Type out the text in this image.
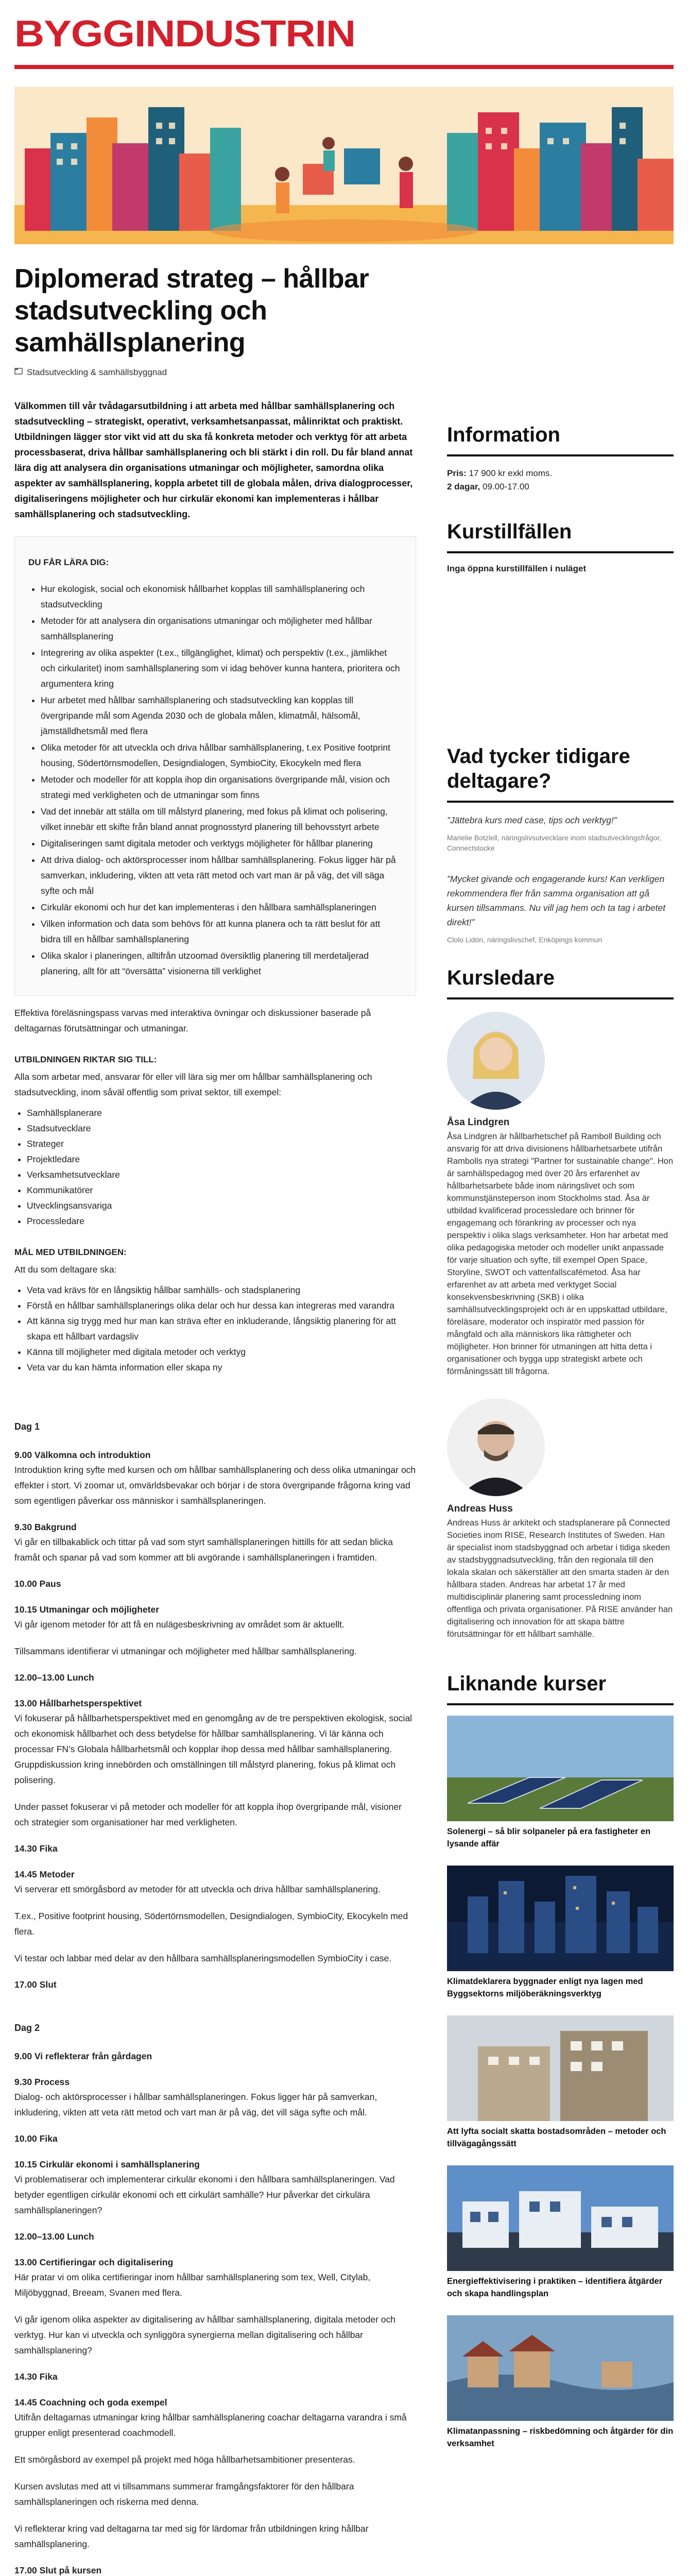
BYGGINDUSTRIN
Diplomerad strateg – hållbar stadsutveckling och samhällsplanering
Stadsutveckling & samhällsbyggnad

Välkommen till vår tvådagarsutbildning i att arbeta med hållbar samhällsplanering och stadsutveckling – strategiskt, operativt, verksamhetsanpassat, målinriktat och praktiskt. Utbildningen lägger stor vikt vid att du ska få konkreta metoder och verktyg för att arbeta processbaserat, driva hållbar samhällsplanering och bli stärkt i din roll. Du får bland annat lära dig att analysera din organisations utmaningar och möjligheter, samordna olika aspekter av samhällsplanering, koppla arbetet till de globala målen, driva dialogprocesser, digitaliseringens möjligheter och hur cirkulär ekonomi kan implementeras i hållbar samhällsplanering och stadsutveckling.

DU FÅR LÄRA DIG:
• Hur ekologisk, social och ekonomisk hållbarhet kopplas till samhällsplanering och stadsutveckling
• Metoder för att analysera din organisations utmaningar och möjligheter med hållbar samhällsplanering
• Integrering av olika aspekter (t.ex., tillgänglighet, klimat) och perspektiv (t.ex., jämlikhet och cirkularitet) inom samhällsplanering som vi idag behöver kunna hantera, prioritera och argumentera kring
• Hur arbetet med hållbar samhällsplanering och stadsutveckling kan kopplas till övergripande mål som Agenda 2030 och de globala målen, klimatmål, hälsomål, jämställdhetsmål med flera
• Olika metoder för att utveckla och driva hållbar samhällsplanering, t.ex Positive footprint housing, Södertörnsmodellen, Designdialogen, SymbioCity, Ekocykeln med flera
• Metoder och modeller för att koppla ihop din organisations övergripande mål, vision och strategi med verkligheten och de utmaningar som finns
• Vad det innebär att ställa om till målstyrd planering, med fokus på klimat och polisering, vilket innebär ett skifte från bland annat prognosstyrd planering till behovsstyrt arbete
• Digitaliseringen samt digitala metoder och verktygs möjligheter för hållbar planering
• Att driva dialog- och aktörsprocesser inom hållbar samhällsplanering. Fokus ligger här på samverkan, inkludering, vikten att veta rätt metod och vart man är på väg, det vill säga syfte och mål
• Cirkulär ekonomi och hur det kan implementeras i den hållbara samhällsplaneringen
• Vilken information och data som behövs för att kunna planera och ta rätt beslut för att bidra till en hållbar samhällsplanering
• Olika skalor i planeringen, alltifrån utzoomad översiktlig planering till merdetaljerad planering, allt för att “översätta” visionerna till verklighet

Effektiva föreläsningspass varvas med interaktiva övningar och diskussioner baserade på deltagarnas förutsättningar och utmaningar.

UTBILDNINGEN RIKTAR SIG TILL:

Alla som arbetar med, ansvarar för eller vill lära sig mer om hållbar samhällsplanering och stadsutveckling, inom såväl offentlig som privat sektor, till exempel:

• Samhällsplanerare
• Stadsutvecklare
• Strateger
• Projektledare
• Verksamhetsutvecklare
• Kommunikatörer
• Utvecklingsansvariga
• Processledare
MÅL MED UTBILDNINGEN:

Att du som deltagare ska:

• Veta vad krävs för en långsiktig hållbar samhälls- och stadsplanering
• Förstå en hållbar samhällsplanerings olika delar och hur dessa kan integreras med varandra
• Att känna sig trygg med hur man kan sträva efter en inkluderande, långsiktig planering för att skapa ett hållbart vardagsliv
• Känna till möjligheter med digitala metoder och verktyg
• Veta var du kan hämta information eller skapa ny
Dag 1

9.00 Välkomna och introduktion

Introduktion kring syfte med kursen och om hållbar samhällsplanering och dess olika utmaningar och effekter i stort. Vi zoomar ut, omvärldsbevakar och börjar i de stora övergripande frågorna kring vad som egentligen påverkar oss människor i samhällsplaneringen.

9.30 Bakgrund

Vi går en tillbakablick och tittar på vad som styrt samhällsplaneringen hittills för att sedan blicka framåt och spanar på vad som kommer att bli avgörande i samhällsplaneringen i framtiden.

10.00 Paus

10.15 Utmaningar och möjligheter

Vi går igenom metoder för att få en nulägesbeskrivning av området som är aktuellt.

Tillsammans identifierar vi utmaningar och möjligheter med hållbar samhällsplanering.

12.00–13.00 Lunch

13.00 Hållbarhetsperspektivet

Vi fokuserar på hållbarhetsperspektivet med en genomgång av de tre perspektiven ekologisk, social och ekonomisk hållbarhet och dess betydelse för hållbar samhällsplanering. Vi lär känna och processar FN’s Globala hållbarhetsmål och kopplar ihop dessa med hållbar samhällsplanering. Gruppdiskussion kring innebörden och omställningen till målstyrd planering, fokus på klimat och polisering.

Under passet fokuserar vi på metoder och modeller för att koppla ihop övergripande mål, visioner och strategier som organisationer har med verkligheten.

14.30 Fika

14.45 Metoder

Vi serverar ett smörgåsbord av metoder för att utveckla och driva hållbar samhällsplanering.

T.ex., Positive footprint housing, Södertörnsmodellen, Designdialogen, SymbioCity, Ekocykeln med flera.

Vi testar och labbar med delar av den hållbara samhällsplaneringsmodellen SymbioCity i case.

17.00 Slut

Dag 2

9.00 Vi reflekterar från gårdagen

9.30 Process

Dialog- och aktörsprocesser i hållbar samhällsplaneringen. Fokus ligger här på samverkan, inkludering, vikten att veta rätt metod och vart man är på väg, det vill säga syfte och mål.

10.00 Fika

10.15 Cirkulär ekonomi i samhällsplanering

Vi problematiserar och implementerar cirkulär ekonomi i den hållbara samhällsplaneringen. Vad betyder egentligen cirkulär ekonomi och ett cirkulärt samhälle? Hur påverkar det cirkulära samhällsplaneringen?

12.00–13.00 Lunch

13.00 Certifieringar och digitalisering

Här pratar vi om olika certifieringar inom hållbar samhällsplanering som tex, Well, Citylab, Miljöbyggnad, Breeam, Svanen med flera.

Vi går igenom olika aspekter av digitalisering av hållbar samhällsplanering, digitala metoder och verktyg. Hur kan vi utveckla och synliggöra synergierna mellan digitalisering och hållbar samhällsplanering?

14.30 Fika

14.45 Coachning och goda exempel

Utifrån deltagarnas utmaningar kring hållbar samhällsplanering coachar deltagarna varandra i små grupper enligt presenterad coachmodell.

Ett smörgåsbord av exempel på projekt med höga hållbarhetsambitioner presenteras.

Kursen avslutas med att vi tillsammans summerar framgångsfaktorer för den hållbara samhällsplaneringen och riskerna med denna.

Vi reflekterar kring vad deltagarna tar med sig för lärdomar från utbildningen kring hållbar samhällsplanering.

17.00 Slut på kursen

Information

Pris: 17 900 kr exkl moms.

2 dagar, 09.00-17.00

Kurstillfällen
Inga öppna kurstillfällen i nuläget
Vad tycker tidigare deltagare?

”Jättebra kurs med case, tips och verktyg!”

Marielie Botzlell, näringslivsutvecklare inom stadsutvecklingsfrågor, Connectstocke

”Mycket givande och engagerande kurs! Kan verkligen rekommendera fler från samma organisation att gå kursen tillsammans. Nu vill jag hem och ta tag i arbetet direkt!”

Clolo Lidön, näringslivschef, Enköpings kommun

Kursledare
Åsa Lindgren

Åsa Lindgren är hållbarhetschef på Ramboll Building och ansvarig för att driva divisionens hållbarhetsarbete utifrån Rambolls nya strategi "Partner for sustainable change". Hon är samhällspedagog med över 20 års erfarenhet av hållbarhetsarbete både inom näringslivet och som kommunstjänsteperson inom Stockholms stad. Åsa är utbildad kvalificerad processledare och brinner för engagemang och förankring av processer och nya perspektiv i olika slags verksamheter. Hon har arbetat med olika pedagogiska metoder och modeller unikt anpassade för varje situation och syfte, till exempel Open Space, Storyline, SWOT och vattenfallscafémetod. Åsa har erfarenhet av att arbeta med verktyget Social konsekvensbeskrivning (SKB) i olika samhällsutvecklingsprojekt och är en uppskattad utbildare, föreläsare, moderator och inspiratör med passion för mångfald och alla människors lika rättigheter och möjligheter. Hon brinner för utmaningen att hitta detta i organisationer och bygga upp strategiskt arbete och förmåningssätt till frågorna.

Andreas Huss

Andreas Huss är arkitekt och stadsplanerare på Connected Societies inom RISE, Research Institutes of Sweden. Han är specialist inom stadsbyggnad och arbetar i tidiga skeden av stadsbyggnadsutveckling, från den regionala till den lokala skalan och säkerställer att den smarta staden är den hållbara staden. Andreas har arbetat 17 år med multidisciplinär planering samt processledning inom offentliga och privata organisationer. På RISE använder han digitalisering och innovation för att skapa bättre förutsättningar för ett hållbart samhälle.

Liknande kurser
Solenergi – så blir solpaneler på era fastigheter en lysande affär
Klimatdeklarera byggnader enligt nya lagen med Byggsektorns miljöberäkningsverktyg
Att lyfta socialt skatta bostadsområden – metoder och tillvägagångssätt
Energieffektivisering i praktiken – identifiera åtgärder och skapa handlingsplan
Klimatanpassning – riskbedömning och åtgärder för din verksamhet
